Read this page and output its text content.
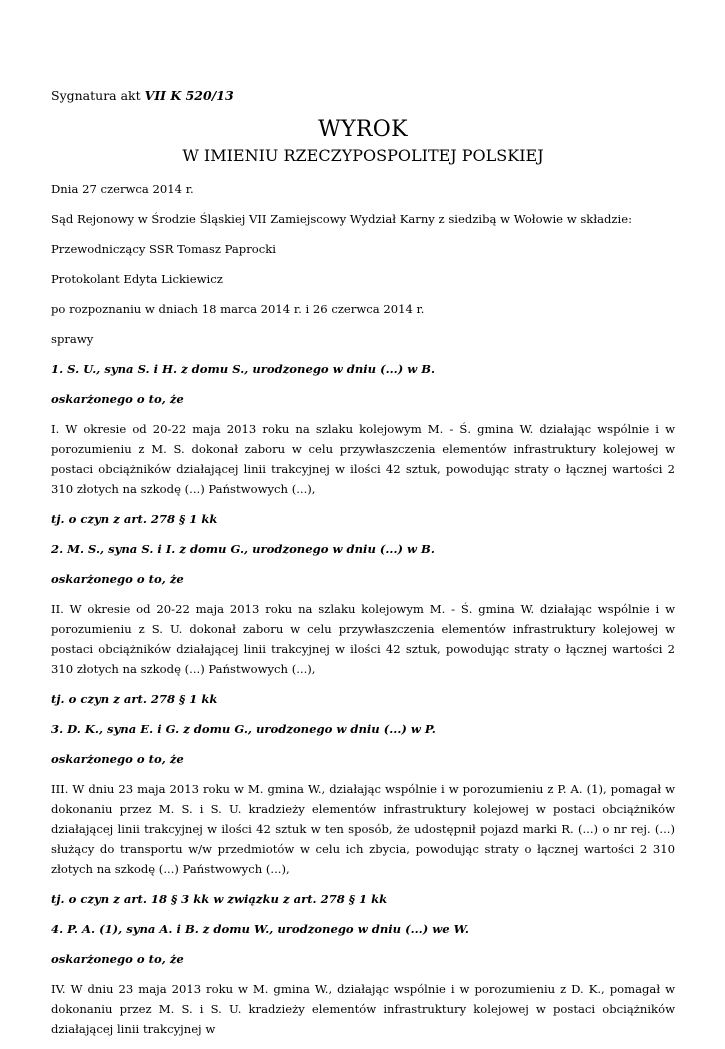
Sygnatura akt VII K 520/13
WYROK
W IMIENIU RZECZYPOSPOLITEJ POLSKIEJ

Dnia 27 czerwca 2014 r.

Sąd Rejonowy w Środzie Śląskiej VII Zamiejscowy Wydział Karny z siedzibą w Wołowie w składzie:

Przewodniczący SSR Tomasz Paprocki

Protokolant Edyta Lickiewicz

po rozpoznaniu w dniach 18 marca 2014 r. i 26 czerwca 2014 r.

sprawy

1. S. U., syna S. i H. z domu S., urodzonego w dniu (...) w B.

oskarżonego o to, że

I. W okresie od 20-22 maja 2013 roku na szlaku kolejowym M. - Ś. gmina W. działając wspólnie i w porozumieniu z M. S. dokonał zaboru w celu przywłaszczenia elementów infrastruktury kolejowej w postaci obciążników działającej linii trakcyjnej w ilości 42 sztuk, powodując straty o łącznej wartości 2 310 złotych na szkodę (...) Państwowych (...),

tj. o czyn z art. 278 § 1 kk

2. M. S., syna S. i I. z domu G., urodzonego w dniu (...) w B.

oskarżonego o to, że

II. W okresie od 20-22 maja 2013 roku na szlaku kolejowym M. - Ś. gmina W. działając wspólnie i w porozumieniu z S. U. dokonał zaboru w celu przywłaszczenia elementów infrastruktury kolejowej w postaci obciążników działającej linii trakcyjnej w ilości 42 sztuk, powodując straty o łącznej wartości 2 310 złotych na szkodę (...) Państwowych (...),

tj. o czyn z art. 278 § 1 kk

3. D. K., syna E. i G. z domu G., urodzonego w dniu (...) w P.

oskarżonego o to, że

III. W dniu 23 maja 2013 roku w M. gmina W., działając wspólnie i w porozumieniu z P. A. (1), pomagał w dokonaniu przez M. S. i S. U. kradzieży elementów infrastruktury kolejowej w postaci obciążników działającej linii trakcyjnej w ilości 42 sztuk w ten sposób, że udostępnił pojazd marki R. (...) o nr rej. (...) służący do transportu w/w przedmiotów w celu ich zbycia, powodując straty o łącznej wartości 2 310 złotych na szkodę (...) Państwowych (...),

tj. o czyn z art. 18 § 3 kk w związku z art. 278 § 1 kk

4. P. A. (1), syna A. i B. z domu W., urodzonego w dniu (...) we W.

oskarżonego o to, że

IV. W dniu 23 maja 2013 roku w M. gmina W., działając wspólnie i w porozumieniu z D. K., pomagał w dokonaniu przez M. S. i S. U. kradzieży elementów infrastruktury kolejowej w postaci obciążników działającej linii trakcyjnej w
